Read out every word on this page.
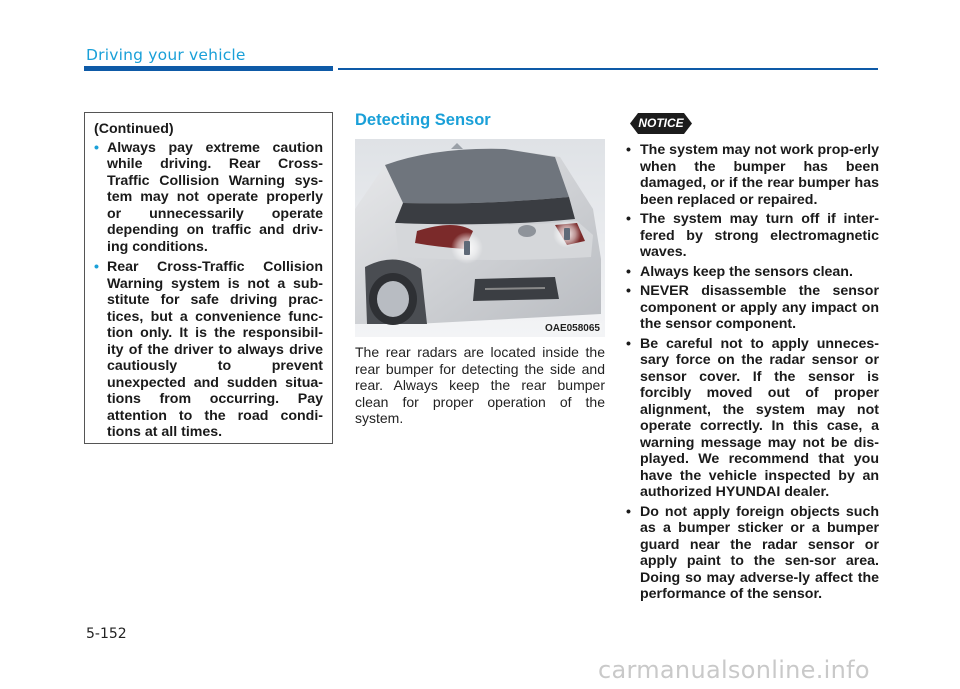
Driving your vehicle
(Continued)
• Always pay extreme caution while driving. Rear Cross-Traffic Collision Warning sys-tem may not operate properly or unnecessarily operate depending on traffic and driv-ing conditions.
• Rear Cross-Traffic Collision Warning system is not a sub-stitute for safe driving prac-tices, but a convenience func-tion only. It is the responsibil-ity of the driver to always drive cautiously to prevent unexpected and sudden situa-tions from occurring. Pay attention to the road condi-tions at all times.
Detecting Sensor
OAE058065
The rear radars are located inside the rear bumper for detecting the side and rear. Always keep the rear bumper clean for proper operation of the system.
NOTICE
• The system may not work prop-erly when the bumper has been damaged, or if the rear bumper has been replaced or repaired.
• The system may turn off if inter-fered by strong electromagnetic waves.
• Always keep the sensors clean.
• NEVER disassemble the sensor component or apply any impact on the sensor component.
• Be careful not to apply unneces-sary force on the radar sensor or sensor cover. If the sensor is forcibly moved out of proper alignment, the system may not operate correctly. In this case, a warning message may not be dis-played. We recommend that you have the vehicle inspected by an authorized HYUNDAI dealer.
• Do not apply foreign objects such as a bumper sticker or a bumper guard near the radar sensor or apply paint to the sen-sor area. Doing so may adverse-ly affect the performance of the sensor.
5-152
carmanualsonline.info
